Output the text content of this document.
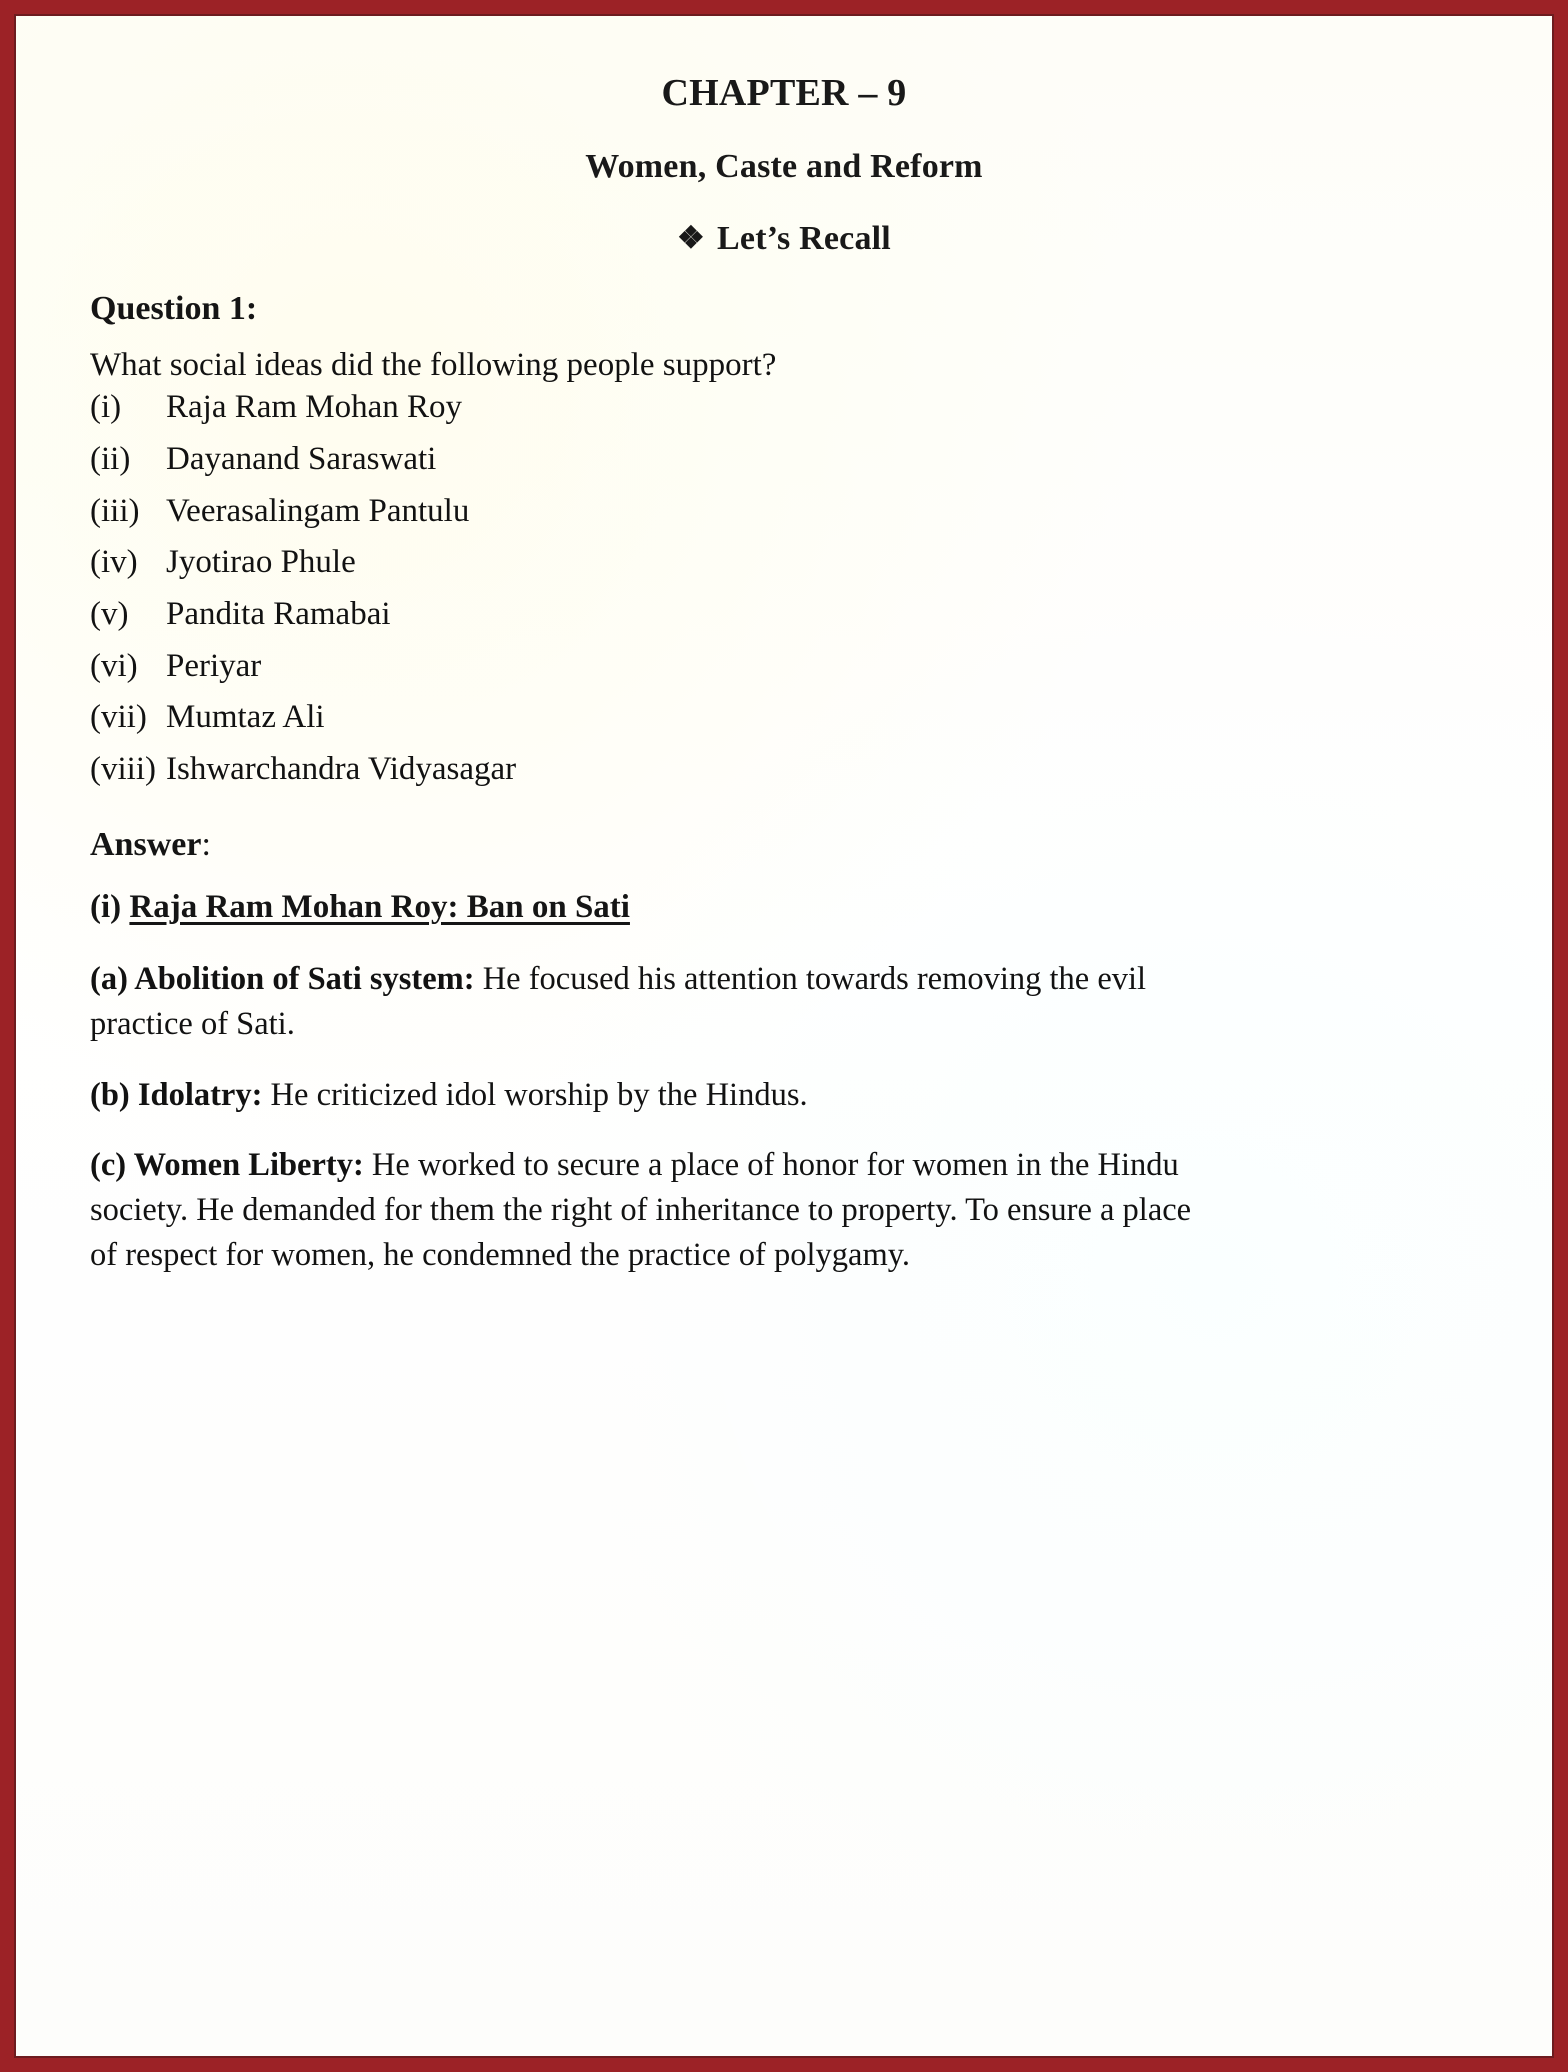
CHAPTER – 9
Women, Caste and Reform
❖ Let’s Recall
Question 1:

What social ideas did the following people support?

(i) Raja Ram Mohan Roy
(ii) Dayanand Saraswati
(iii) Veerasalingam Pantulu
(iv) Jyotirao Phule
(v) Pandita Ramabai
(vi) Periyar
(vii) Mumtaz Ali
(viii) Ishwarchandra Vidyasagar
Answer:
(i) Raja Ram Mohan Roy: Ban on Sati

(a) Abolition of Sati system: He focused his attention towards removing the evil practice of Sati.

(b) Idolatry: He criticized idol worship by the Hindus.

(c) Women Liberty: He worked to secure a place of honor for women in the Hindu society. He demanded for them the right of inheritance to property. To ensure a place of respect for women, he condemned the practice of polygamy.
